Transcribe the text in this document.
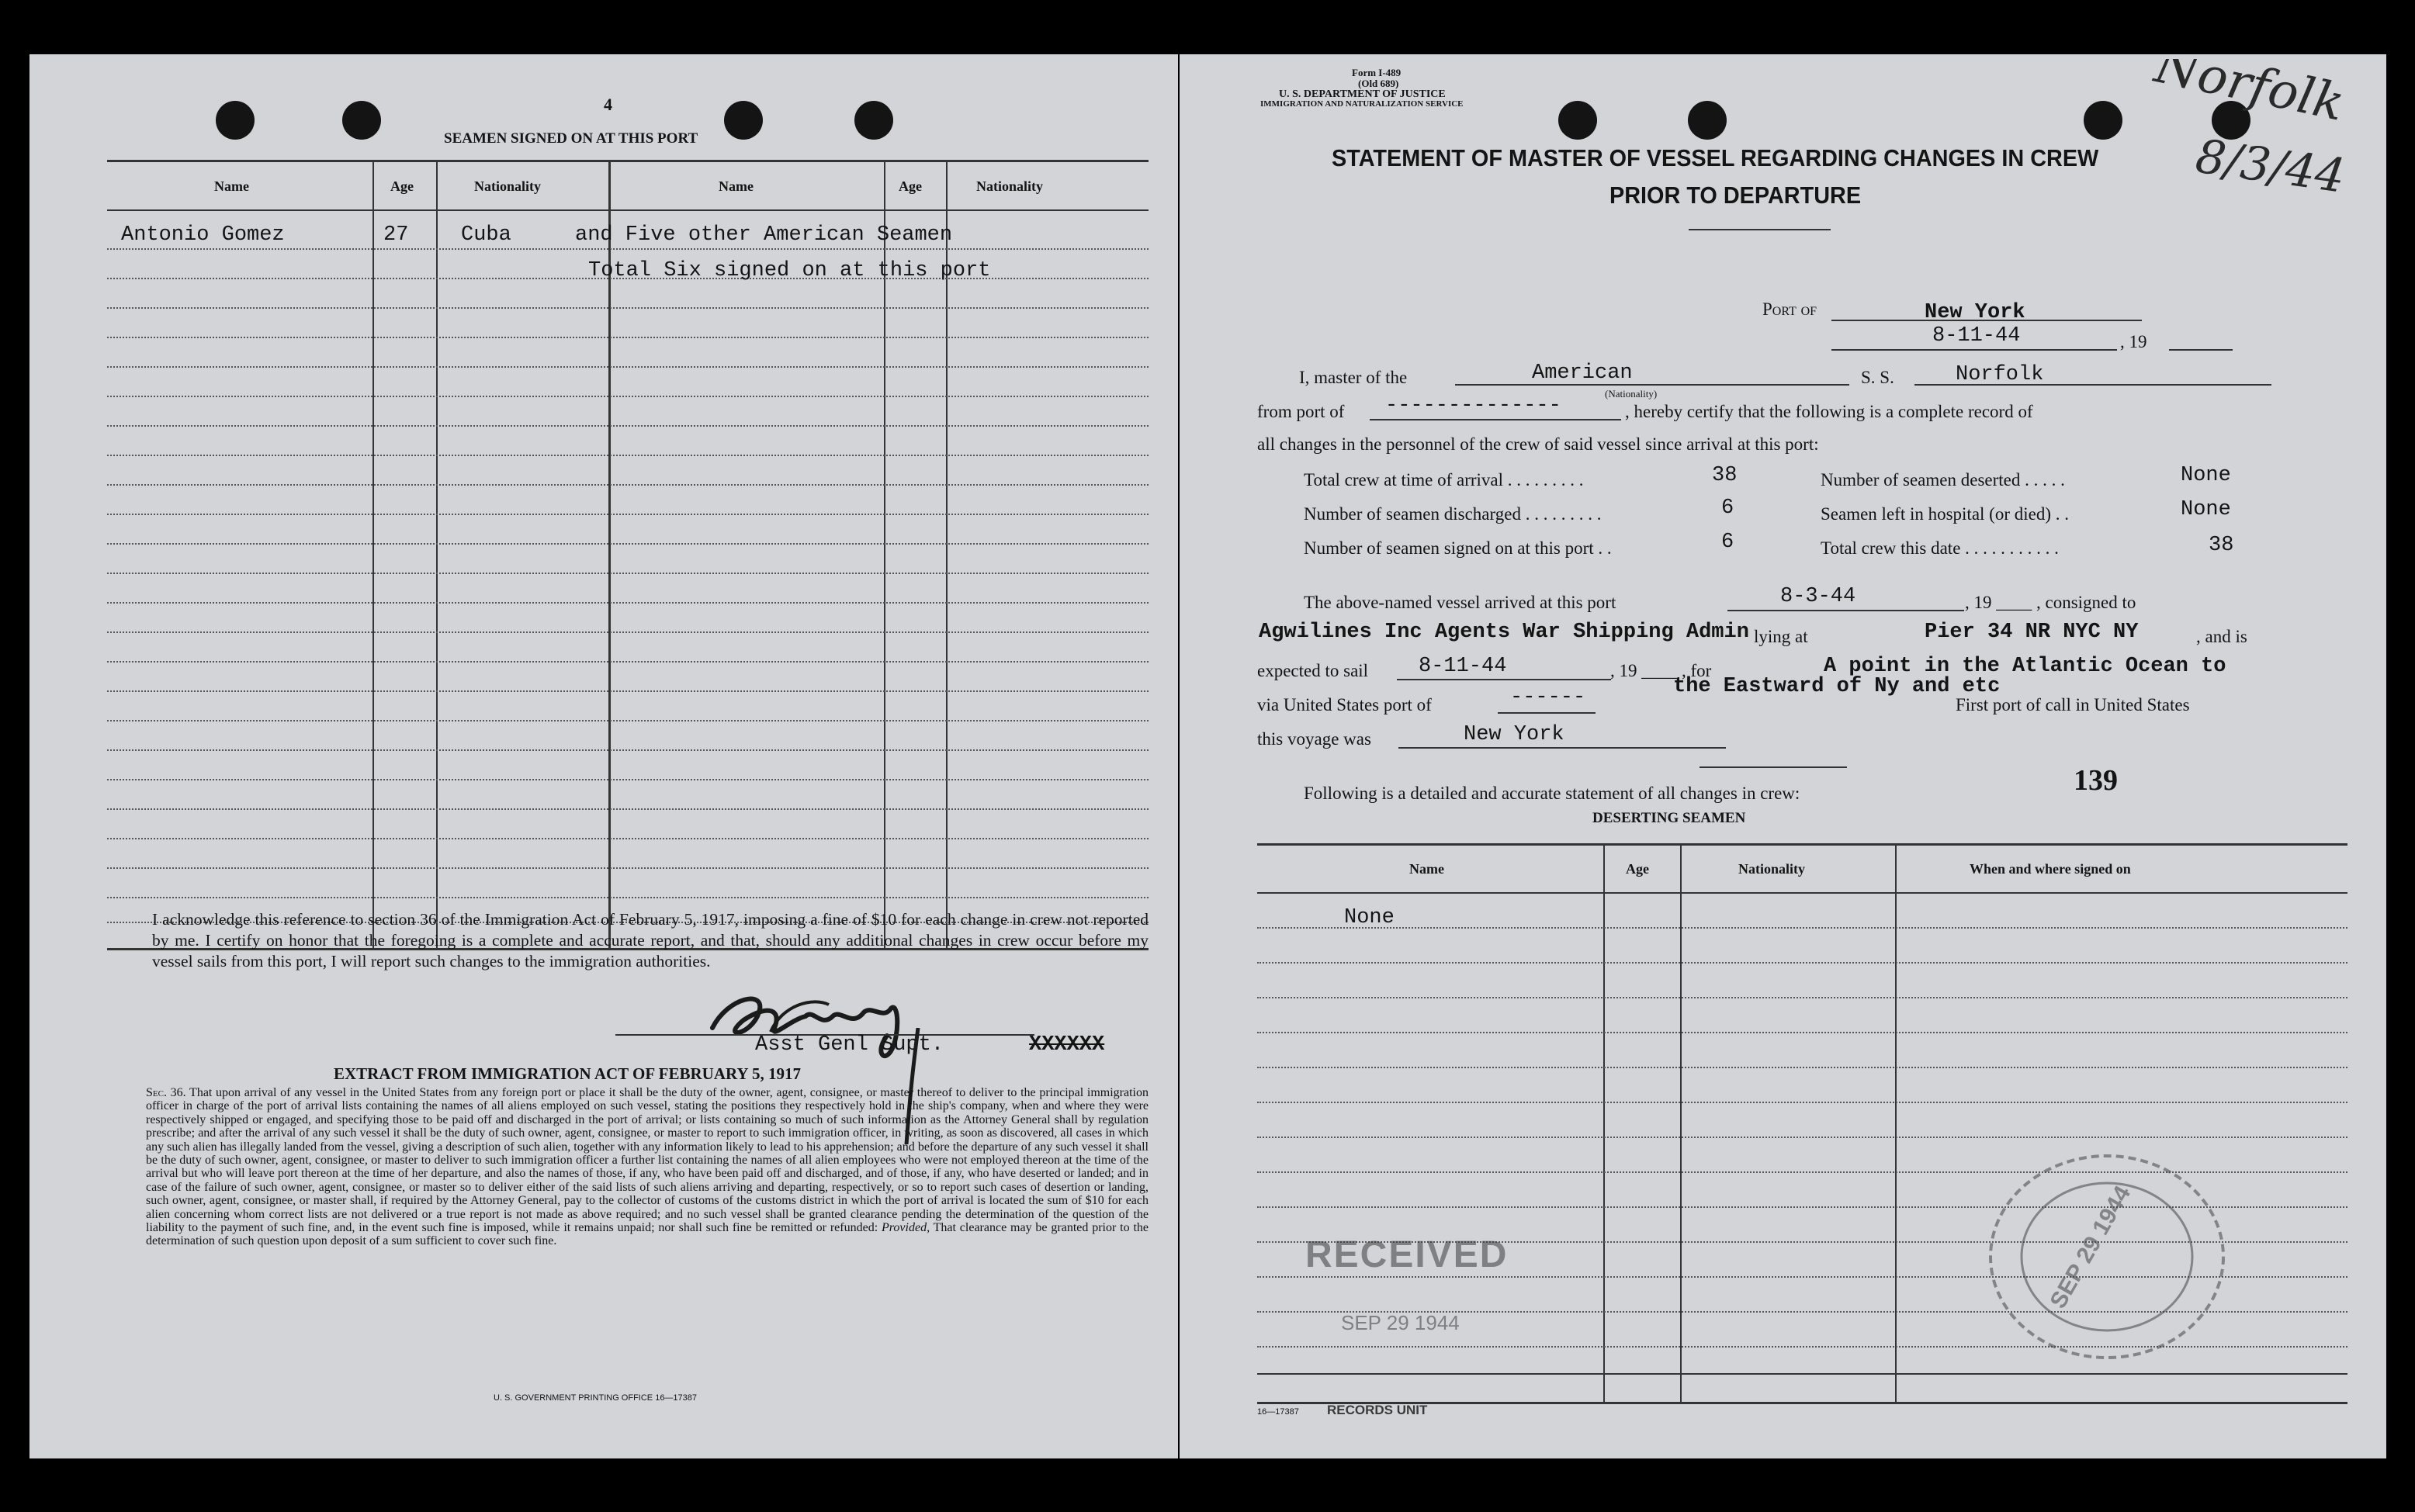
4
SEAMEN SIGNED ON AT THIS PORT
Name	Age	Nationality	Name	Age	Nationality
Antonio Gomez	27	Cuba	and Five other American Seamen
Total Six signed on at this port
I acknowledge this reference to section 36 of the Immigration Act of February 5, 1917, imposing a fine of $10 for each change in crew not reported by me. I certify on honor that the foregoing is a complete and accurate report, and that, should any additional changes in crew occur before my vessel sails from this port, I will report such changes to the immigration authorities.
Asst Genl Supt.	XXXXXX
EXTRACT FROM IMMIGRATION ACT OF FEBRUARY 5, 1917
Sec. 36. That upon arrival of any vessel in the United States from any foreign port or place it shall be the duty of the owner, agent, consignee, or master thereof to deliver to the principal immigration officer in charge of the port of arrival lists containing the names of all aliens employed on such vessel, stating the positions they respectively hold in the ship's company, when and where they were respectively shipped or engaged, and specifying those to be paid off and discharged in the port of arrival; or lists containing so much of such information as the Attorney General shall by regulation prescribe; and after the arrival of any such vessel it shall be the duty of such owner, agent, consignee, or master to report to such immigration officer, in writing, as soon as discovered, all cases in which any such alien has illegally landed from the vessel, giving a description of such alien, together with any information likely to lead to his apprehension; and before the departure of any such vessel it shall be the duty of such owner, agent, consignee, or master to deliver to such immigration officer a further list containing the names of all alien employees who were not employed thereon at the time of the arrival but who will leave port thereon at the time of her departure, and also the names of those, if any, who have been paid off and discharged, and of those, if any, who have deserted or landed; and in case of the failure of such owner, agent, consignee, or master so to deliver either of the said lists of such aliens arriving and departing, respectively, or so to report such cases of desertion or landing, such owner, agent, consignee, or master shall, if required by the Attorney General, pay to the collector of customs of the customs district in which the port of arrival is located the sum of $10 for each alien concerning whom correct lists are not delivered or a true report is not made as above required; and no such vessel shall be granted clearance pending the determination of the question of the liability to the payment of such fine, and, in the event such fine is imposed, while it remains unpaid; nor shall such fine be remitted or refunded: Provided, That clearance may be granted prior to the determination of such question upon deposit of a sum sufficient to cover such fine.
U. S. GOVERNMENT PRINTING OFFICE 16—17387
Form I-489
(Old 689)
U. S. DEPARTMENT OF JUSTICE
IMMIGRATION AND NATURALIZATION SERVICE	Norfolk
8/3/44
STATEMENT OF MASTER OF VESSEL REGARDING CHANGES IN CREW
PRIOR TO DEPARTURE
Port of	New York
8-11-44	, 19
I, master of the	American
(Nationality)
S. S.	Norfolk
from port of --------------	, hereby certify that the following is a complete record of
all changes in the personnel of the crew of said vessel since arrival at this port:
Total crew at time of arrival . . . . . . . . .	38	Number of seamen deserted . . . . .	None
Number of seamen discharged . . . . . . . . .	6	Seamen left in hospital (or died) . .	None
Number of seamen signed on at this port . .	6	Total crew this date . . . . . . . . . . .	38
The above-named vessel arrived at this port	8-3-44	, 19 ____ , consigned to
Agwilines Inc Agents War Shipping Admin lying at	Pier 34 NR NYC NY	, and is
expected to sail 8-11-44	, 19 ____ , for	A point in the Atlantic Ocean to
the Eastward of Ny and etc
via United States port of	------	First port of call in United States
this voyage was	New York
139
Following is a detailed and accurate statement of all changes in crew:
DESERTING SEAMEN
Name	Age	Nationality	When and where signed on
None
RECEIVED
SEP 29 1944
SEP 29 1944
16—17387 RECORDS UNIT
